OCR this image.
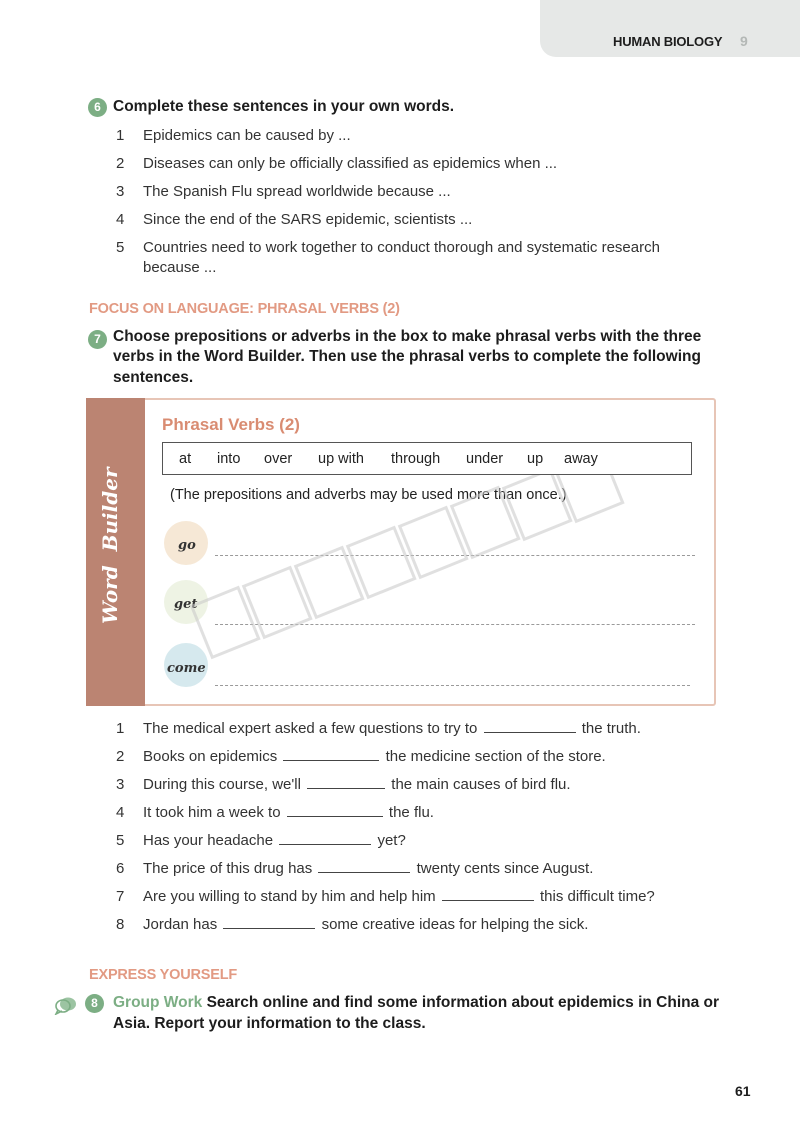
HUMAN BIOLOGY 9
6 Complete these sentences in your own words.
1 Epidemics can be caused by ...
2 Diseases can only be officially classified as epidemics when ...
3 The Spanish Flu spread worldwide because ...
4 Since the end of the SARS epidemic, scientists ...
5	Countries need to work together to conduct thorough and systematic research because ...
FOCUS ON LANGUAGE: PHRASAL VERBS (2)
7 Choose prepositions or adverbs in the box to make phrasal verbs with the three
verbs in the Word Builder. Then use the phrasal verbs to complete the following
sentences.
Word  Builder
Phrasal Verbs (2)
at into over up with through under up away
(The prepositions and adverbs may be used more than once.)
go
get
come
1 The medical expert asked a few questions to try to	the truth.
2 Books on epidemics	the medicine section of the store.
3 During this course, we'll	the main causes of bird flu.
4 It took him a week to	the flu.
5 Has your headache	yet?
6 The price of this drug has	twenty cents since August.
7 Are you willing to stand by him and help him	this difficult time?
8 Jordan has	some creative ideas for helping the sick.
EXPRESS YOURSELF
8 Group Work Search online and find some information about epidemics in China or
Asia. Report your information to the class.
61
